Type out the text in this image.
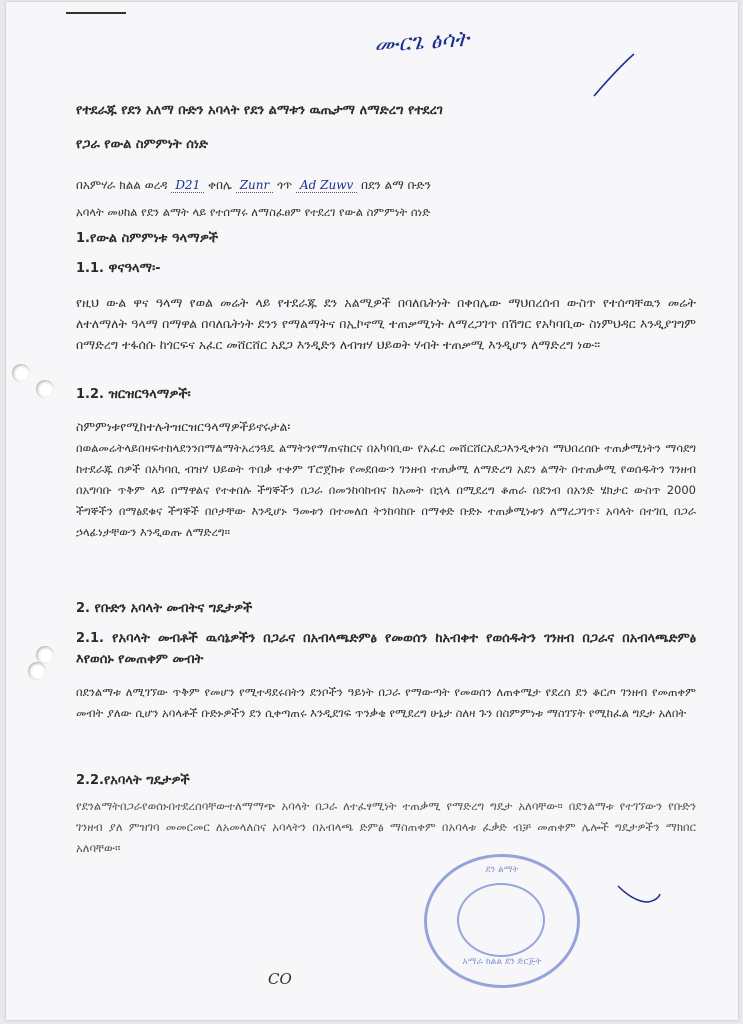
ሙርጌ ፅሳት
የተደራጁ የደን አለማ ቡድን አባላት የደን ልማቱን ዉጤታማ ለማድረግ የተደረገ
የጋራ የውል ስምምነት ሰነድ
በአምሃራ ክልል ወረዳ D21 ቀበሌ Zunr ጎጥ Ad Zuwv በደን ልማ ቡድን
አባላት መሀከል የደን ልማት ላይ የተሰማሩ ለማስፈፀም የተደረገ የውል ስምምነት ሰነድ
1.የውል ስምምነቱ ዓላማዎች
1.1. ዋናዓላማ፡-
የዚህ ውል ዋና ዓላማ የወል መሬት ላይ የተደራጁ ደን አልሚዎች በባለቤትነት በቀበሌው ማህበረሰብ ውስጥ የተሰጣቸዉን መሬት ለተለማለት ዓላማ በማዋል በባለቤትነት ደንን የማልማትና በኢኮኖሚ ተጠቃሚነት ለማረጋገጥ በሽግር የአካባቢው ስነምህዳር እንዲያገግም በማድረግ ተፋሰሱ ከጎርፍና አፈር መሸርሸር አደጋ እንዲድን ለብዝሃ ህይወት ሃብት ተጠቃሚ እንዲሆን ለማድረግ ነው።
1.2. ዝርዝርዓላማዎች፡
ስምምነቱየሚከተሉትዝርዝርዓላማዎችይኖሩታል፡
በወልመሬትላይበዛፍተከላደንንበማልማትአረንጓዴ ልማትንየማጠናከርና በአካባቢው የአፈር መሸርሸርአደጋእንዲቀንስ ማህበረሰቡ ተጠቃሚነትን ማሳደግ ከተደራጁ ሰዎች በአካባቢ ብዝሃ ህይወት ጥበቃ ተቀም ፕሮጀክቱ የመደበውን ገንዘብ ተጠቃሚ ለማድረግ አደን ልማት በተጠቃሚ የወሰዱትን ገንዘብ በአግባቡ ጥቅም ላይ በማዋልና የተቀበሉ ችግኞችን በጋራ በመንከባከብና ከአመት በኋላ በሚደረግ ቆጠራ በደንብ በአንድ ሄክታር ውስጥ 2000 ችግኞችን በማፅደቁና ችግኞች በቦታቸው እንዲሆኑ ዓመቱን በተመለሰ ትንከባከቡ በማቀድ ቡድኑ ተጠቃሚነቱን ለማረጋገጥ፣ አባላት በተገቢ በጋራ ኃላፊነታቸውን እንዲወጡ ለማድረግ።
2. የቡድን አባላት መብትና ግዴታዎች
2.1. የአባላት መብቶች ዉሳኔዎችን በጋራና በአብላጫድምፅ የመወሰን ከአብቀተ የወሰዱትን ገንዘብ በጋራና በአብላጫድምፅ እየወሰኑ የመጠቀም መብት
በደንልማቱ ለሚገኘው ጥቅም የመሆን የሚተዳደሩበትን ደንቦችን ዓይነት በጋራ የማውጣት የመወሰን ለጠቀሜታ የደረሰ ደን ቆርጦ ገንዘብ የመጠቀም መብት ያለው ሲሆን አባላቶች ቡድኑዎችን ደን ሲቀጣጠሩ እንዲደገፍ ጥንቃቄ የሚደረግ ሁኔታ ስለዛ ጉን በስምምነቱ ማስገኘት የሚከፈል ግዴታ አለበት
2.2.የአባላት ግዴታዎች
የደንልማትበጋራየወሰኑበተደረሰባቸውተለማማጭ አባላት በጋራ ለተፈፃሚነት ተጠቃሚ የማድረግ ግዴታ አለባቸው። በደንልማቱ የተገኘውን የቡድን ገንዘብ ያለ ምዝገባ መመርመር ለአመላለስና አባላትን በአብላጫ ድምፅ ማስጠቀም በአባላቱ ፈቃድ ብቻ መጠቀም ሌሎች ግዴታዎችን ማክበር አለባቸው።
ደን ልማት
አማራ ክልል ደን ድርጅት
CO
